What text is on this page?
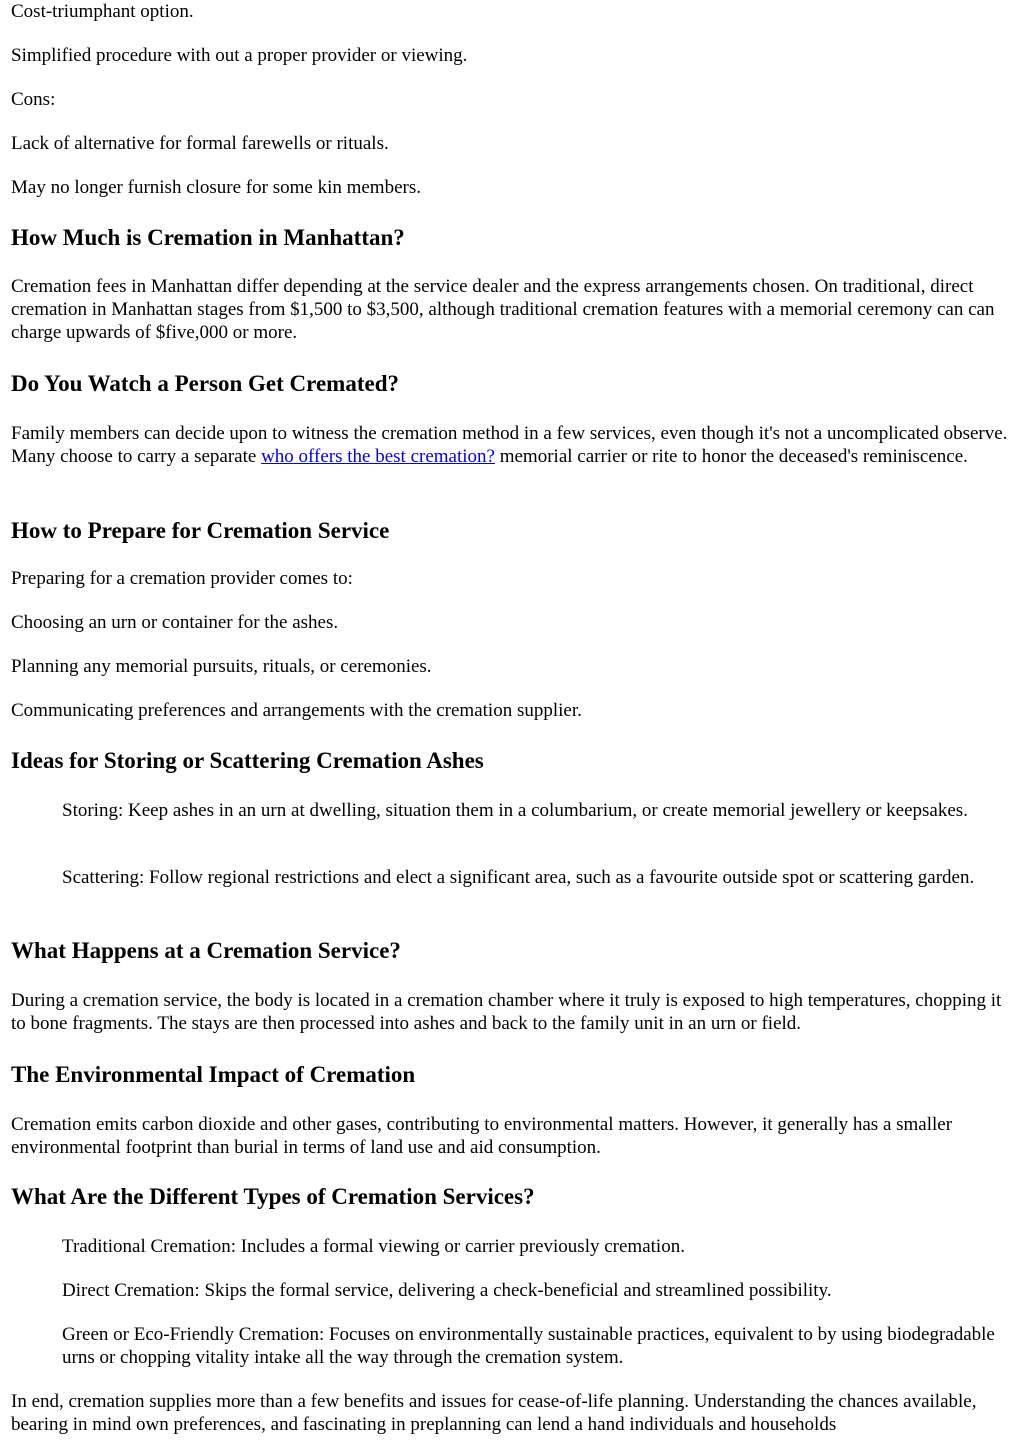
Cost-triumphant option.

Simplified procedure with out a proper provider or viewing.

Cons:

Lack of alternative for formal farewells or rituals.

May no longer furnish closure for some kin members.

How Much is Cremation in Manhattan?

Cremation fees in Manhattan differ depending at the service dealer and the express arrangements chosen. On traditional, direct cremation in Manhattan stages from $1,500 to $3,500, although traditional cremation features with a memorial ceremony can can charge upwards of $five,000 or more.

Do You Watch a Person Get Cremated?

Family members can decide upon to witness the cremation method in a few services, even though it's not a uncomplicated observe. Many choose to carry a separate who offers the best cremation? memorial carrier or rite to honor the deceased's reminiscence.

How to Prepare for Cremation Service

Preparing for a cremation provider comes to:

Choosing an urn or container for the ashes.

Planning any memorial pursuits, rituals, or ceremonies.

Communicating preferences and arrangements with the cremation supplier.

Ideas for Storing or Scattering Cremation Ashes

Storing: Keep ashes in an urn at dwelling, situation them in a columbarium, or create memorial jewellery or keepsakes.

Scattering: Follow regional restrictions and elect a significant area, such as a favourite outside spot or scattering garden.

What Happens at a Cremation Service?

During a cremation service, the body is located in a cremation chamber where it truly is exposed to high temperatures, chopping it to bone fragments. The stays are then processed into ashes and back to the family unit in an urn or field.

The Environmental Impact of Cremation

Cremation emits carbon dioxide and other gases, contributing to environmental matters. However, it generally has a smaller environmental footprint than burial in terms of land use and aid consumption.

What Are the Different Types of Cremation Services?

Traditional Cremation: Includes a formal viewing or carrier previously cremation.

Direct Cremation: Skips the formal service, delivering a check-beneficial and streamlined possibility.

Green or Eco-Friendly Cremation: Focuses on environmentally sustainable practices, equivalent to by using biodegradable urns or chopping vitality intake all the way through the cremation system.

In end, cremation supplies more than a few benefits and issues for cease-of-life planning. Understanding the chances available, bearing in mind own preferences, and fascinating in preplanning can lend a hand individuals and households
